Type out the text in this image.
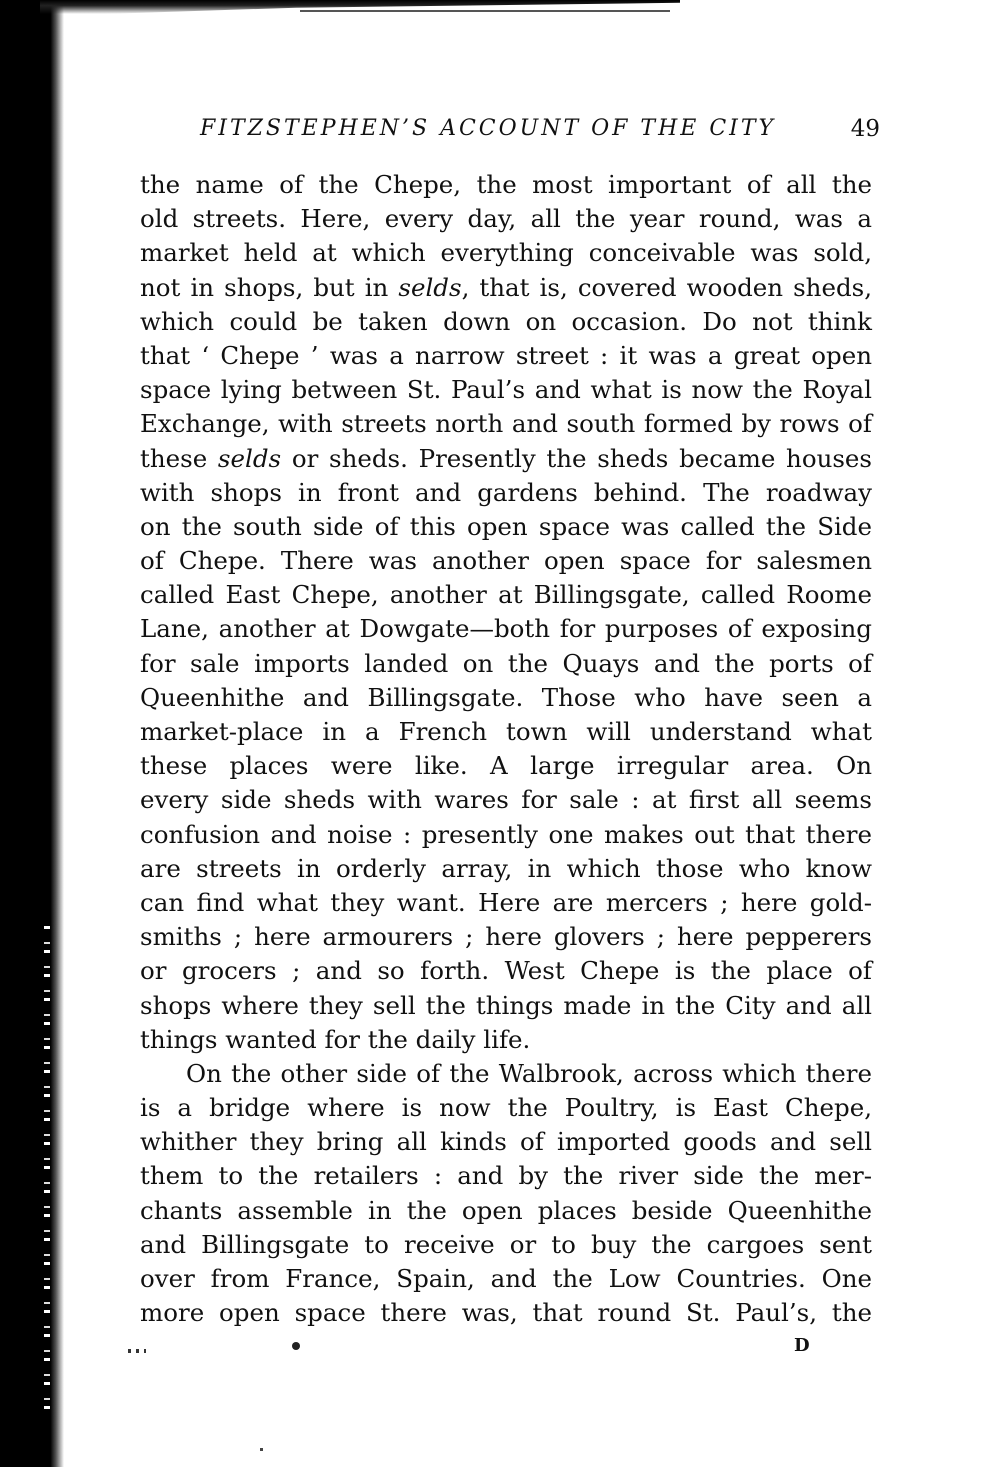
FITZSTEPHEN’S ACCOUNT OF THE CITY	49
the name of the Chepe, the most important of all the
old streets. Here, every day, all the year round, was a
market held at which everything conceivable was sold,
not in shops, but in selds, that is, covered wooden sheds,
which could be taken down on occasion. Do not think
that ‘ Chepe ’ was a narrow street : it was a great open
space lying between St. Paul’s and what is now the Royal
Exchange, with streets north and south formed by rows of
these selds or sheds. Presently the sheds became houses
with shops in front and gardens behind. The roadway
on the south side of this open space was called the Side
of Chepe. There was another open space for salesmen
called East Chepe, another at Billingsgate, called Roome
Lane, another at Dowgate—both for purposes of exposing
for sale imports landed on the Quays and the ports of
Queenhithe and Billingsgate. Those who have seen a
market-place in a French town will understand what
these places were like. A large irregular area. On
every side sheds with wares for sale : at first all seems
confusion and noise : presently one makes out that there
are streets in orderly array, in which those who know
can find what they want. Here are mercers ; here gold-
smiths ; here armourers ; here glovers ; here pepperers
or grocers ; and so forth. West Chepe is the place of
shops where they sell the things made in the City and all
things wanted for the daily life.
On the other side of the Walbrook, across which there
is a bridge where is now the Poultry, is East Chepe,
whither they bring all kinds of imported goods and sell
them to the retailers : and by the river side the mer-
chants assemble in the open places beside Queenhithe
and Billingsgate to receive or to buy the cargoes sent
over from France, Spain, and the Low Countries. One
more open space there was, that round St. Paul’s, the
D
